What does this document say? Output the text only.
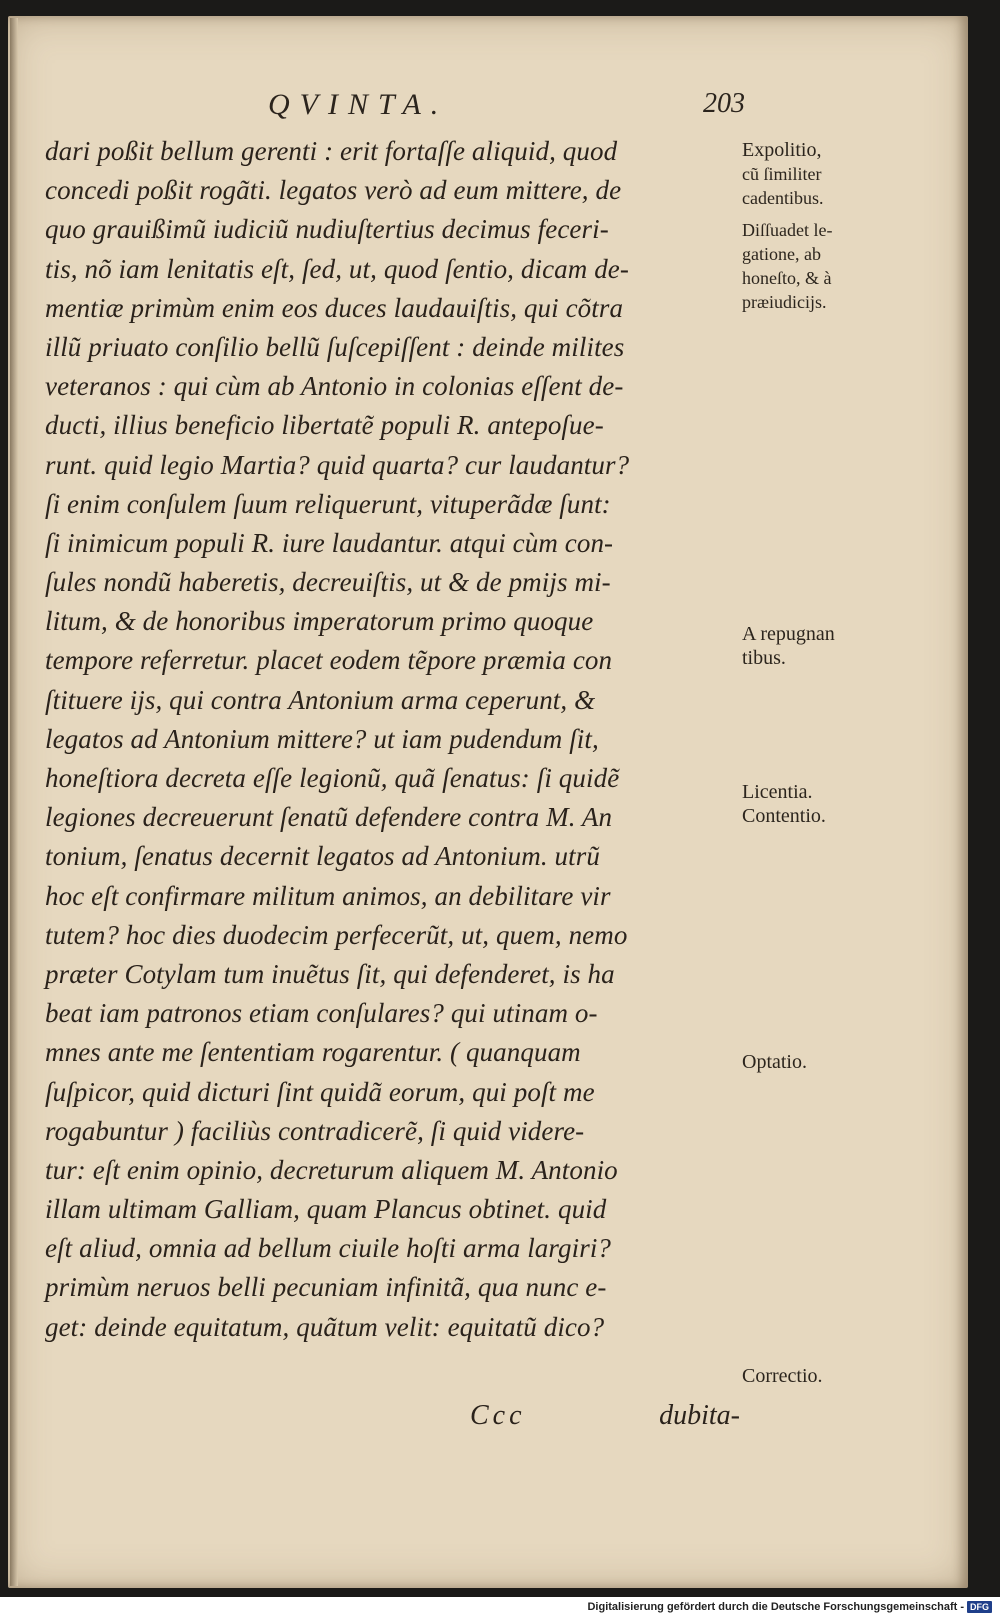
QVINTA.	203
dari poßit bellum gerenti : erit fortaſſe aliquid, quod
concedi poßit rogãti. legatos verò ad eum mittere, de
quo grauißimũ iudiciũ nudiuſtertius decimus feceri-
tis, nõ iam lenitatis eſt, ſed, ut, quod ſentio, dicam de-
mentiæ primùm enim eos duces laudauiſtis, qui cõtra
illũ priuato conſilio bellũ ſuſcepiſſent : deinde milites
veteranos : qui cùm ab Antonio in colonias eſſent de-
ducti, illius beneficio libertatẽ populi R. antepoſue-
runt. quid legio Martia? quid quarta? cur laudantur?
ſi enim conſulem ſuum reliquerunt, vituperãdæ ſunt:
ſi inimicum populi R. iure laudantur. atqui cùm con-
ſules nondũ haberetis, decreuiſtis, ut & de pmijs mi-
litum, & de honoribus imperatorum primo quoque
tempore referretur. placet eodem tẽpore præmia con
ſtituere ijs, qui contra Antonium arma ceperunt, &
legatos ad Antonium mittere? ut iam pudendum ſit,
honeſtiora decreta eſſe legionũ, quã ſenatus: ſi quidẽ
legiones decreuerunt ſenatũ defendere contra M. An
tonium, ſenatus decernit legatos ad Antonium. utrũ
hoc eſt confirmare militum animos, an debilitare vir
tutem? hoc dies duodecim perfecerũt, ut, quem, nemo
præter Cotylam tum inuẽtus ſit, qui defenderet, is ha
beat iam patronos etiam conſulares? qui utinam o-
mnes ante me ſententiam rogarentur. ( quanquam
ſuſpicor, quid dicturi ſint quidã eorum, qui poſt me
rogabuntur ) faciliùs contradicerẽ, ſi quid videre-
tur: eſt enim opinio, decreturum aliquem M. Antonio
illam ultimam Galliam, quam Plancus obtinet. quid
eſt aliud, omnia ad bellum ciuile hoſti arma largiri?
primùm neruos belli pecuniam infinitã, qua nunc e-
get: deinde equitatum, quãtum velit: equitatũ dico?
Ccc	dubita-
Expolitio,
cũ ſimiliter
cadentibus.
Diſſuadet le-
gatione, ab
honeſto, & à
præiudicijs.
A repugnan
tibus.
Licentia.
Contentio.
Optatio.
Correctio.
Digitalisierung gefördert durch die Deutsche Forschungsgemeinschaft - DFG
